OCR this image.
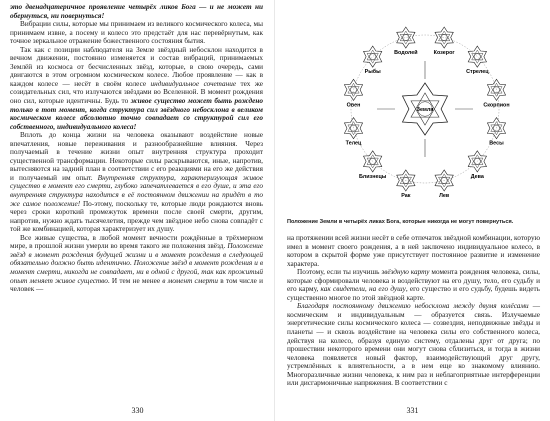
это двенадцатеричное проявление четырёх ликов Бога — и не может ни обернуться, ни повернуться!

Вибрации силы, которые мы принимаем из великого космического колеса, мы принимаем извне, а посему и колесо это предстаёт для нас перевёрнутым, как точное зеркальное отражение божественного состояния бытия.

Так как с позиции наблюдателя на Земле звёздный небосклон находится в вечном движении, постоянно изменяется и состав вибраций, принимаемых Землёй из космоса от бесчисленных звёзд, которые, в свою очередь, сами двигаются в этом огромном космическом колесе. Любое проявление — как в каждом колесе — несёт в своём колесе индивидуальное сочетание тех же созидательных сил, что излучаются звёздами во Вселенной. В момент рождения оно сил, которые идентичны. Будь то живое существо может быть рождено только в тот момент, когда структура сил звёздного небосклона в великом космическом колесе абсолютно точно совпадает со структурой сил его собственного, индивидуального колеса!

Вплоть до конца жизни на человека оказывают воздействие новые впечатления, новые переживания и разнообразнейшие влияния. Через получаемый в течение жизни опыт внутренняя структура проходит существенной трансформации. Некоторые силы раскрываются, иные, напротив, вытесняются на задний план в соответствии с его реакциями на его же действия и получаемый им опыт. Внутренняя структура, характеризующая живое существо в момент его смерти, глубоко запечатлевается в его душе, и эта его внутренняя структура находится в её постоянном движении на придёт в то же самое положение! По-этому, поскольку те, которые люди рождаются вновь через сроки короткий промежуток времени после своей смерти, другим, напротив, нужно ждать тысячелетия, прежде чем звёздное небо снова совпадёт с той же комбинацией, которая характеризует их душу.

Все живые существа, в любой момент вечности рождённые в трёхмерном мире, в прошлой жизни умерли во время такого же положения звёзд. Положение звёзд в момент рождения будущей жизни и в момент рождения в следующей обязательно должно быть идентично. Положение звёзд в момент рождения и в момент смерти, никогда не совпадает, ни в одной с другой, так как прожитый опыт меняет живое существо. И тем не менее в момент смерти в том числе и человек —

330
Земля
Водолей	Козерог
Стрелец
Скорпион
Весы
Дева
Лев
Рак
Близнецы
Телец
Овен
Рыбы

Положение Земли в четырёх ликах Бога, которые никогда не могут повернуться.

на протяжении всей жизни несёт в себе отпечаток звёздной комбинации, которую имел в момент своего рождения, а в ней заключено индивидуальное колесо, в котором в скрытой форме уже присутствует постоянное развитие и изменение характера.

Поэтому, если ты изучишь звёздную карту момента рождения человека, силы, которые сформировали человека и воздействуют на его душу, тело, его судьбу и его карму, как свидетели, на его душу, его существо и его судьбу, будешь видеть существенно многое по этой звёздной карте.

Благодаря постоянному движению небосклона между двумя колёсами — космическим и индивидуальным — образуется связь. Излучаемые энергетические силы космического колеса — созвездия, неподвижные звёзды и планеты — и сквозь воздействие на человека силы его собственного колеса, действуя на колесо, образуя единую систему, отдалены друг от друга; по прошествии некоторого времени они могут снова сблизиться, и тогда в жизни человека появляется новый фактор, взаимодействующий друг другу, устремлённых к влиятельности, а в нем еще ко знакомому влиянию. Многоразличные жизни человека, к ним раз и неблагоприятные интерференции или дисгармоничные напряжения. В соответствии с

331
